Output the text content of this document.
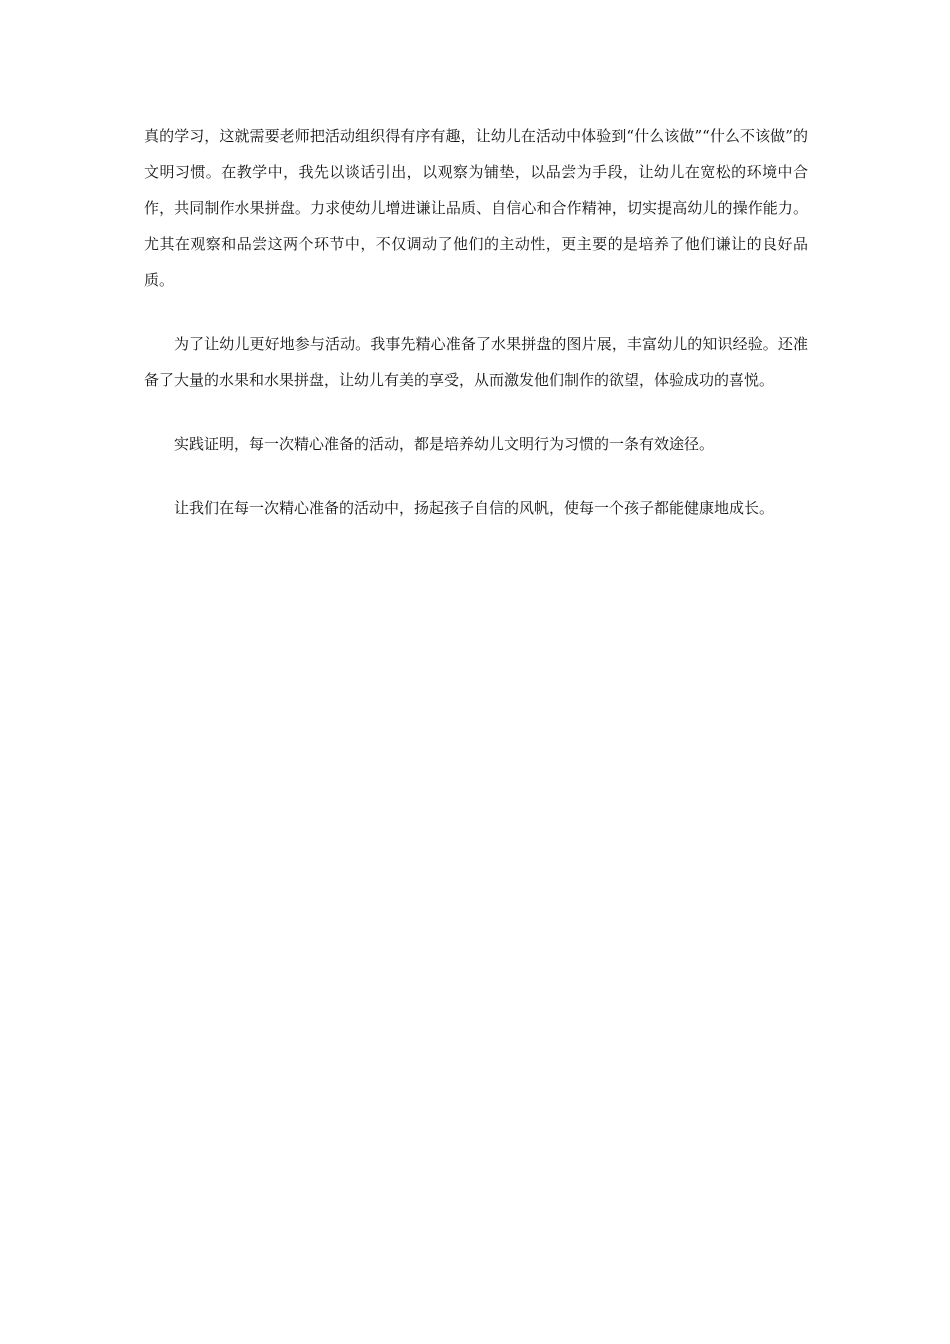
真的学习，这就需要老师把活动组织得有序有趣，让幼儿在活动中体验到“什么该做”“什么不该做”的文明习惯。在教学中，我先以谈话引出，以观察为铺垫，以品尝为手段，让幼儿在宽松的环境中合作，共同制作水果拼盘。力求使幼儿增进谦让品质、自信心和合作精神，切实提高幼儿的操作能力。尤其在观察和品尝这两个环节中，不仅调动了他们的主动性，更主要的是培养了他们谦让的良好品质。

为了让幼儿更好地参与活动。我事先精心准备了水果拼盘的图片展，丰富幼儿的知识经验。还准备了大量的水果和水果拼盘，让幼儿有美的享受，从而激发他们制作的欲望，体验成功的喜悦。

实践证明，每一次精心准备的活动，都是培养幼儿文明行为习惯的一条有效途径。

让我们在每一次精心准备的活动中，扬起孩子自信的风帆，使每一个孩子都能健康地成长。
